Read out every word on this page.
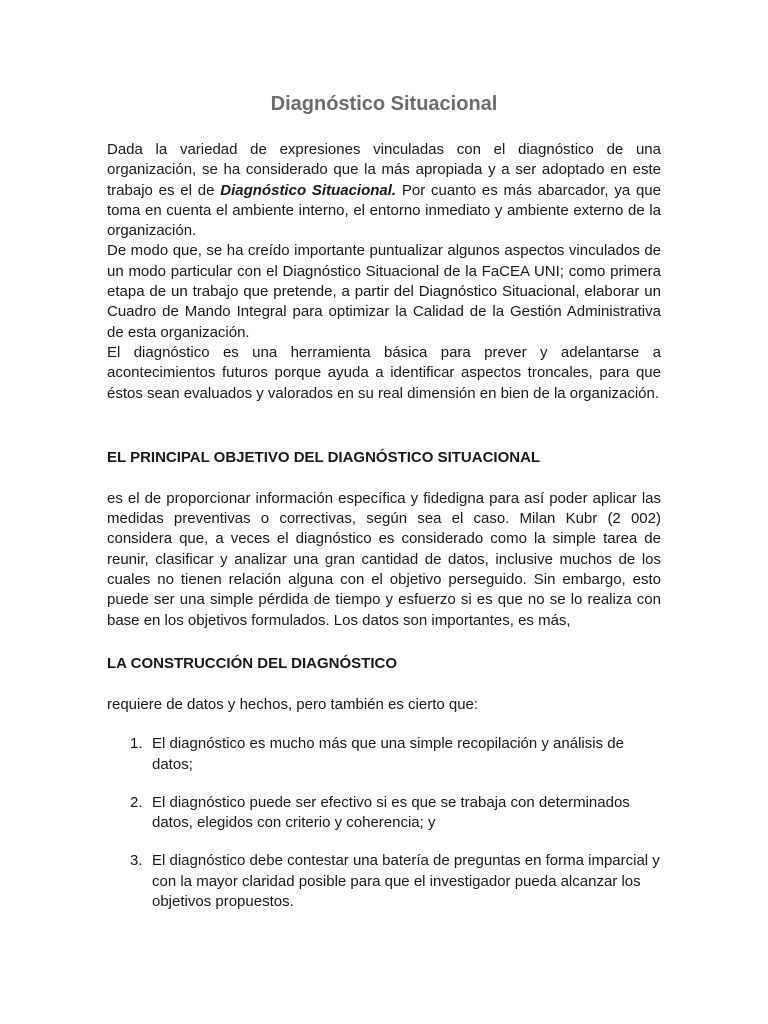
Diagnóstico Situacional

Dada la variedad de expresiones vinculadas con el diagnóstico de una organización, se ha considerado que la más apropiada y a ser adoptado en este trabajo es el de Diagnóstico Situacional. Por cuanto es más abarcador, ya que toma en cuenta el ambiente interno, el entorno inmediato y ambiente externo de la organización.

De modo que, se ha creído importante puntualizar algunos aspectos vinculados de un modo particular con el Diagnóstico Situacional de la FaCEA UNI; como primera etapa de un trabajo que pretende, a partir del Diagnóstico Situacional, elaborar un Cuadro de Mando Integral para optimizar la Calidad de la Gestión Administrativa de esta organización.

El diagnóstico es una herramienta básica para prever y adelantarse a acontecimientos futuros porque ayuda a identificar aspectos troncales, para que éstos sean evaluados y valorados en su real dimensión en bien de la organización.

EL PRINCIPAL OBJETIVO DEL DIAGNÓSTICO SITUACIONAL

es el de proporcionar información específica y fidedigna para así poder aplicar las medidas preventivas o correctivas, según sea el caso. Milan Kubr (2 002) considera que, a veces el diagnóstico es considerado como la simple tarea de reunir, clasificar y analizar una gran cantidad de datos, inclusive muchos de los cuales no tienen relación alguna con el objetivo perseguido. Sin embargo, esto puede ser una simple pérdida de tiempo y esfuerzo si es que no se lo realiza con base en los objetivos formulados. Los datos son importantes, es más,

LA CONSTRUCCIÓN DEL DIAGNÓSTICO

requiere de datos y hechos, pero también es cierto que:

1. El diagnóstico es mucho más que una simple recopilación y análisis de datos;
2. El diagnóstico puede ser efectivo si es que se trabaja con determinados datos, elegidos con criterio y coherencia; y
3. El diagnóstico debe contestar una batería de preguntas en forma imparcial y con la mayor claridad posible para que el investigador pueda alcanzar los objetivos propuestos.
